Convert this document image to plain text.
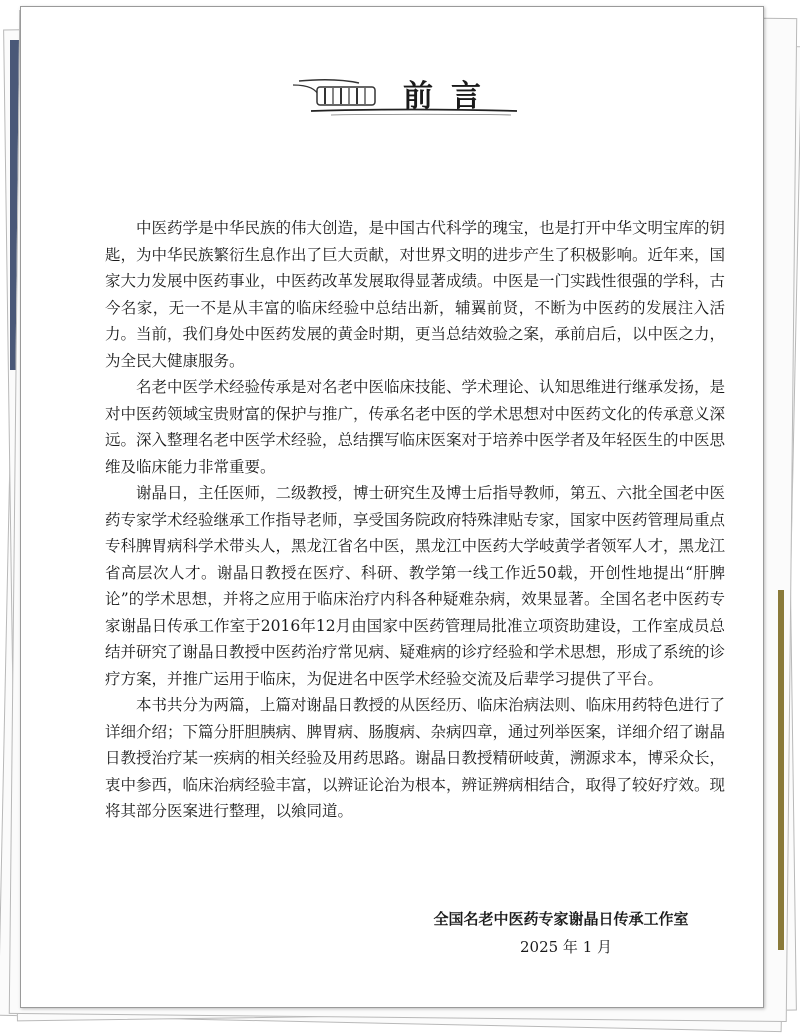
前言

中医药学是中华民族的伟大创造，是中国古代科学的瑰宝，也是打开中华文明宝库的钥匙，为中华民族繁衍生息作出了巨大贡献，对世界文明的进步产生了积极影响。近年来，国家大力发展中医药事业，中医药改革发展取得显著成绩。中医是一门实践性很强的学科，古今名家，无一不是从丰富的临床经验中总结出新，辅翼前贤，不断为中医药的发展注入活力。当前，我们身处中医药发展的黄金时期，更当总结效验之案，承前启后，以中医之力，为全民大健康服务。

名老中医学术经验传承是对名老中医临床技能、学术理论、认知思维进行继承发扬，是对中医药领域宝贵财富的保护与推广，传承名老中医的学术思想对中医药文化的传承意义深远。深入整理名老中医学术经验，总结撰写临床医案对于培养中医学者及年轻医生的中医思维及临床能力非常重要。

谢晶日，主任医师，二级教授，博士研究生及博士后指导教师，第五、六批全国老中医药专家学术经验继承工作指导老师，享受国务院政府特殊津贴专家，国家中医药管理局重点专科脾胃病科学术带头人，黑龙江省名中医，黑龙江中医药大学岐黄学者领军人才，黑龙江省高层次人才。谢晶日教授在医疗、科研、教学第一线工作近50载，开创性地提出“肝脾论”的学术思想，并将之应用于临床治疗内科各种疑难杂病，效果显著。全国名老中医药专家谢晶日传承工作室于2016年12月由国家中医药管理局批准立项资助建设，工作室成员总结并研究了谢晶日教授中医药治疗常见病、疑难病的诊疗经验和学术思想，形成了系统的诊疗方案，并推广运用于临床，为促进名中医学术经验交流及后辈学习提供了平台。

本书共分为两篇，上篇对谢晶日教授的从医经历、临床治病法则、临床用药特色进行了详细介绍；下篇分肝胆胰病、脾胃病、肠腹病、杂病四章，通过列举医案，详细介绍了谢晶日教授治疗某一疾病的相关经验及用药思路。谢晶日教授精研岐黄，溯源求本，博采众长，衷中参西，临床治病经验丰富，以辨证论治为根本，辨证辨病相结合，取得了较好疗效。现将其部分医案进行整理，以飨同道。

全国名老中医药专家谢晶日传承工作室
2025 年 1 月
